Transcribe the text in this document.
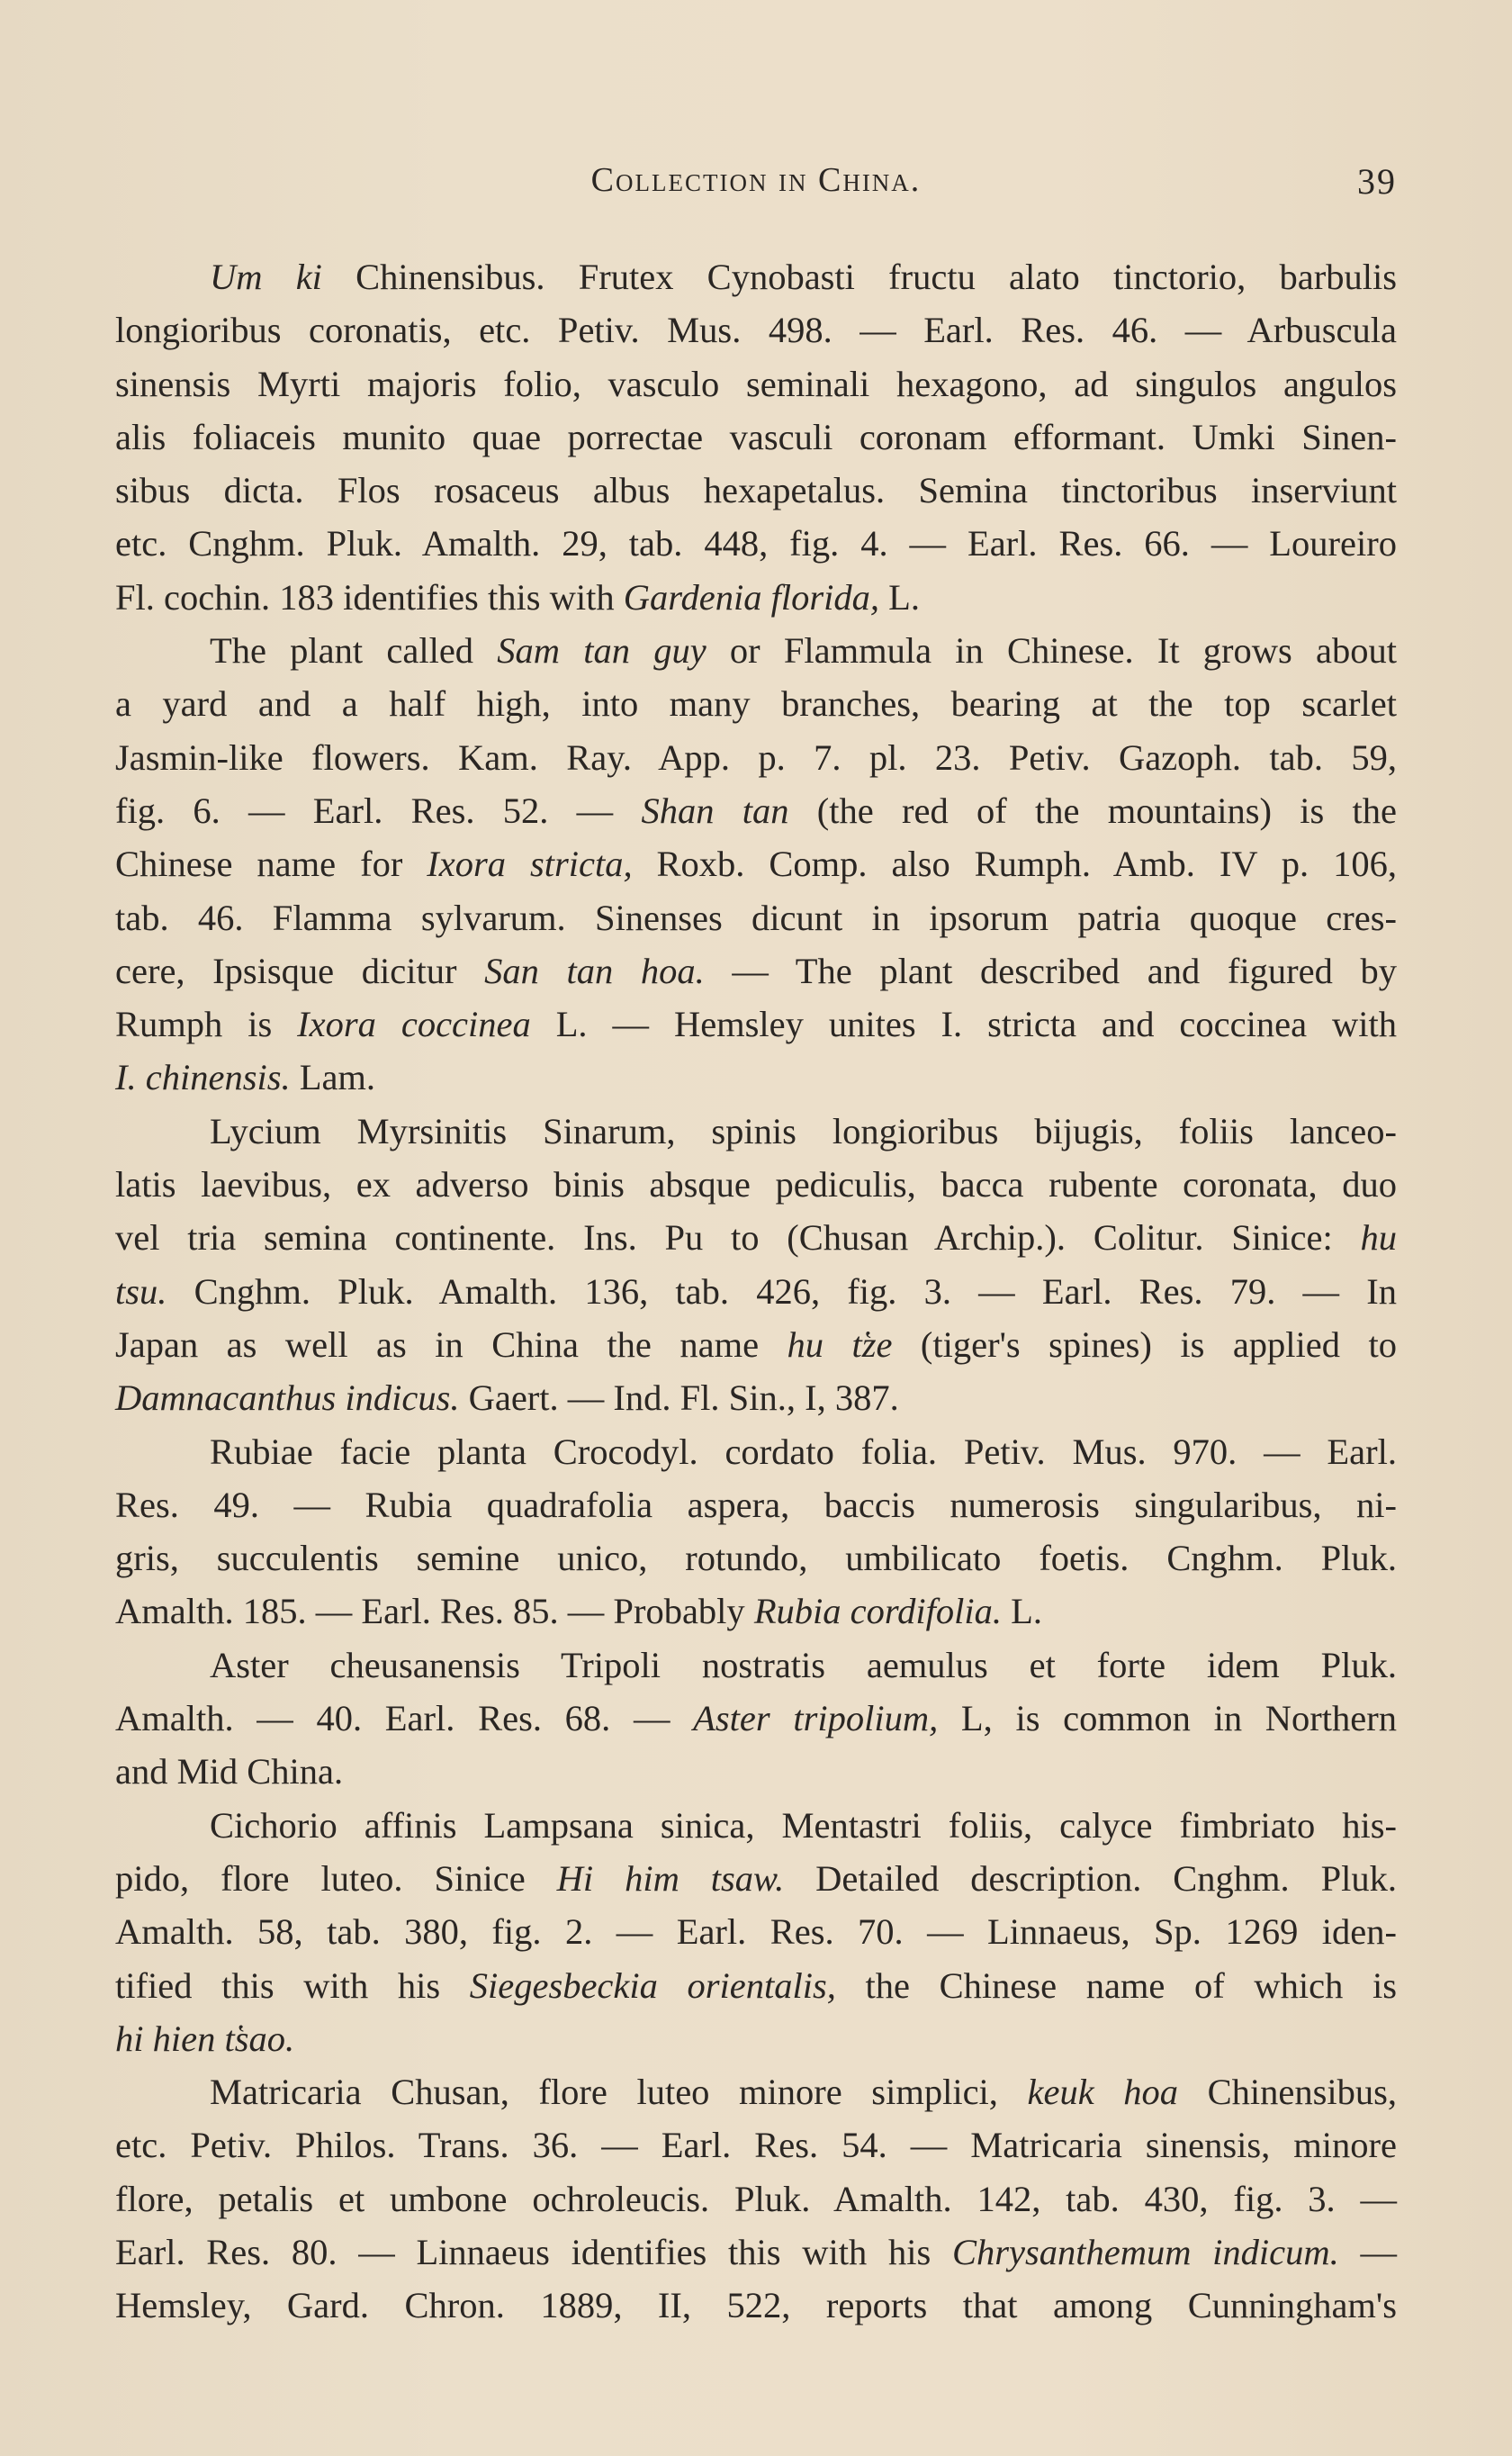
Collection in China.	39
Um ki Chinensibus. Frutex Cynobasti fructu alato tinctorio, barbulis
longioribus coronatis, etc. Petiv. Mus. 498. — Earl. Res. 46. — Arbuscula
sinensis Myrti majoris folio, vasculo seminali hexagono, ad singulos angulos
alis foliaceis munito quae porrectae vasculi coronam efformant. Umki Sinen-
sibus dicta. Flos rosaceus albus hexapetalus. Semina tinctoribus inserviunt
etc. Cnghm. Pluk. Amalth. 29, tab. 448, fig. 4. — Earl. Res. 66. — Loureiro
Fl. cochin. 183 identifies this with Gardenia florida, L.
The plant called Sam tan guy or Flammula in Chinese. It grows about
a yard and a half high, into many branches, bearing at the top scarlet
Jasmin-like flowers. Kam. Ray. App. p. 7. pl. 23. Petiv. Gazoph. tab. 59,
fig. 6. — Earl. Res. 52. — Shan tan (the red of the mountains) is the
Chinese name for Ixora stricta, Roxb. Comp. also Rumph. Amb. IV p. 106,
tab. 46. Flamma sylvarum. Sinenses dicunt in ipsorum patria quoque cres-
cere, Ipsisque dicitur San tan hoa. — The plant described and figured by
Rumph is Ixora coccinea L. — Hemsley unites I. stricta and coccinea with
I. chinensis. Lam.
Lycium Myrsinitis Sinarum, spinis longioribus bijugis, foliis lanceo-
latis laevibus, ex adverso binis absque pediculis, bacca rubente coronata, duo
vel tria semina continente. Ins. Pu to (Chusan Archip.). Colitur. Sinice: hu
tsu. Cnghm. Pluk. Amalth. 136, tab. 426, fig. 3. — Earl. Res. 79. — In
Japan as well as in China the name hu tz̔e (tiger's spines) is applied to
Damnacanthus indicus. Gaert. — Ind. Fl. Sin., I, 387.
Rubiae facie planta Crocodyl. cordato folia. Petiv. Mus. 970. — Earl.
Res. 49. — Rubia quadrafolia aspera, baccis numerosis singularibus, ni-
gris, succulentis semine unico, rotundo, umbilicato foetis. Cnghm. Pluk.
Amalth. 185. — Earl. Res. 85. — Probably Rubia cordifolia. L.
Aster cheusanensis Tripoli nostratis aemulus et forte idem Pluk.
Amalth. — 40. Earl. Res. 68. — Aster tripolium, L, is common in Northern
and Mid China.
Cichorio affinis Lampsana sinica, Mentastri foliis, calyce fimbriato his-
pido, flore luteo. Sinice Hi him tsaw. Detailed description. Cnghm. Pluk.
Amalth. 58, tab. 380, fig. 2. — Earl. Res. 70. — Linnaeus, Sp. 1269 iden-
tified this with his Siegesbeckia orientalis, the Chinese name of which is
hi hien ts̔ao.
Matricaria Chusan, flore luteo minore simplici, keuk hoa Chinensibus,
etc. Petiv. Philos. Trans. 36. — Earl. Res. 54. — Matricaria sinensis, minore
flore, petalis et umbone ochroleucis. Pluk. Amalth. 142, tab. 430, fig. 3. —
Earl. Res. 80. — Linnaeus identifies this with his Chrysanthemum indicum. —
Hemsley, Gard. Chron. 1889, II, 522, reports that among Cunningham's
